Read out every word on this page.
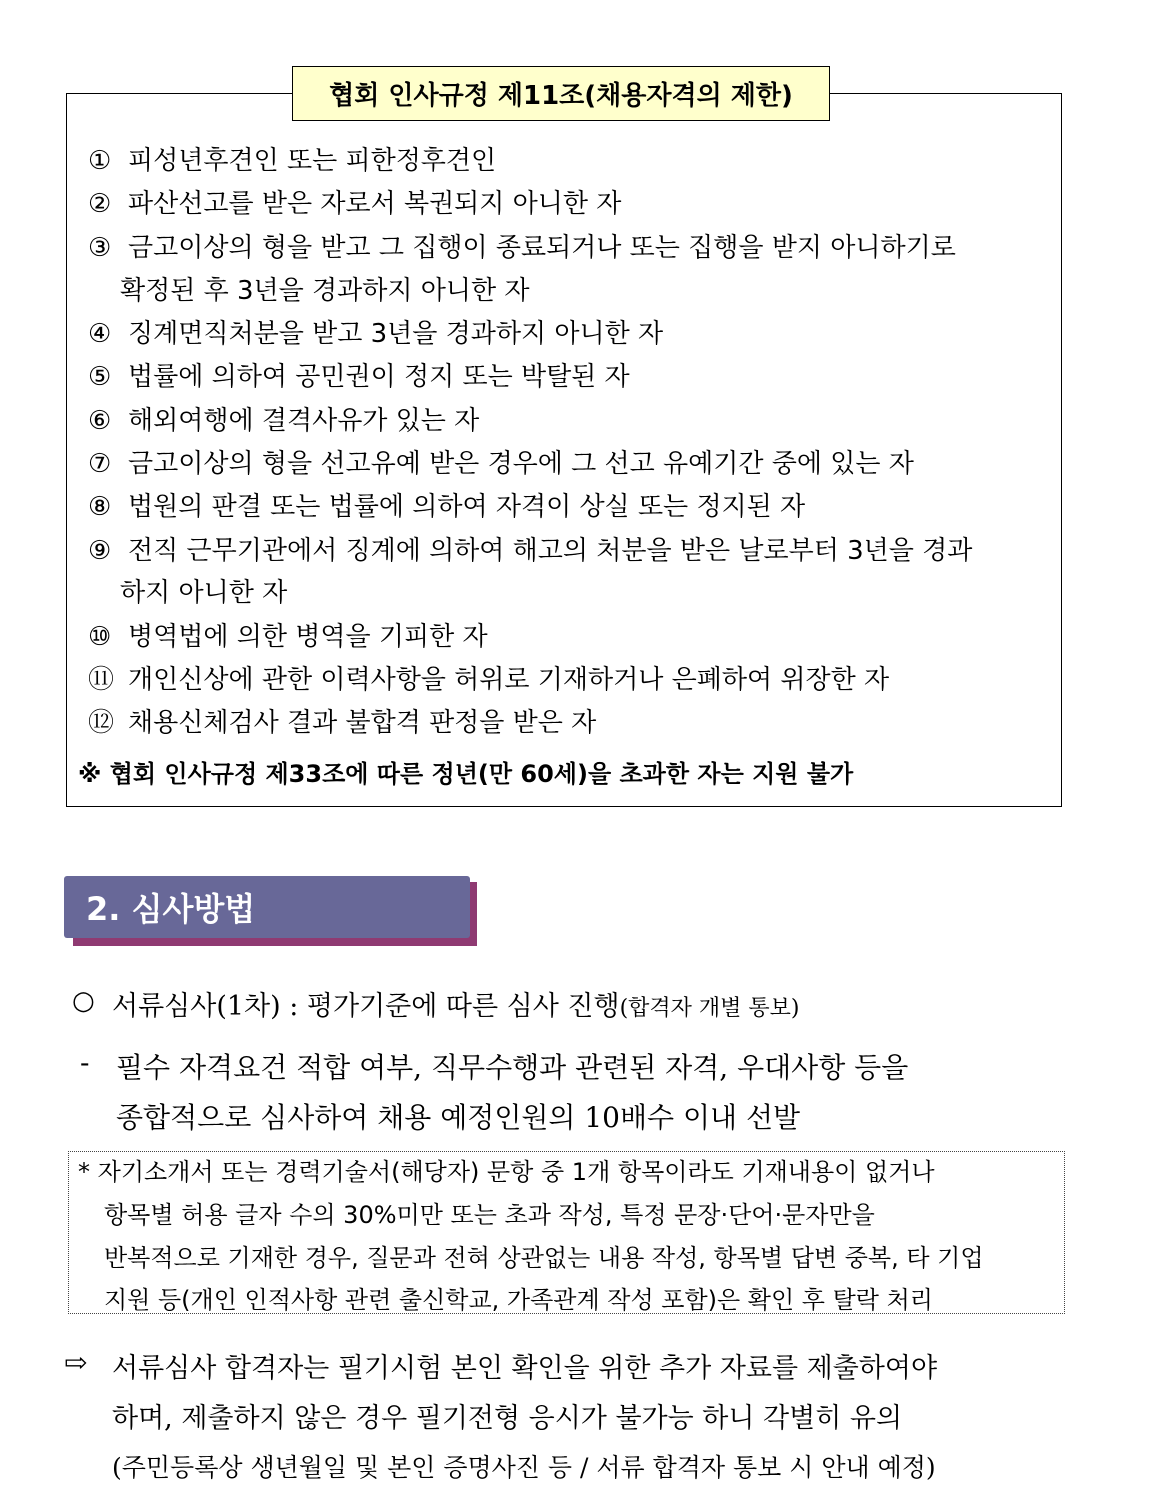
협회 인사규정 제11조(채용자격의 제한)
① 피성년후견인 또는 피한정후견인
② 파산선고를 받은 자로서 복권되지 아니한 자
③ 금고이상의 형을 받고 그 집행이 종료되거나 또는 집행을 받지 아니하기로
확정된 후 3년을 경과하지 아니한 자
④ 징계면직처분을 받고 3년을 경과하지 아니한 자
⑤ 법률에 의하여 공민권이 정지 또는 박탈된 자
⑥ 해외여행에 결격사유가 있는 자
⑦ 금고이상의 형을 선고유예 받은 경우에 그 선고 유예기간 중에 있는 자
⑧ 법원의 판결 또는 법률에 의하여 자격이 상실 또는 정지된 자
⑨ 전직 근무기관에서 징계에 의하여 해고의 처분을 받은 날로부터 3년을 경과
하지 아니한 자
⑩ 병역법에 의한 병역을 기피한 자
⑪ 개인신상에 관한 이력사항을 허위로 기재하거나 은폐하여 위장한 자
⑫ 채용신체검사 결과 불합격 판정을 받은 자
※ 협회 인사규정 제33조에 따른 정년(만 60세)을 초과한 자는 지원 불가
2. 심사방법
○ 서류심사(1차) : 평가기준에 따른 심사 진행(합격자 개별 통보)
- 필수 자격요건 적합 여부, 직무수행과 관련된 자격, 우대사항 등을
종합적으로 심사하여 채용 예정인원의 10배수 이내 선발
* 자기소개서 또는 경력기술서(해당자) 문항 중 1개 항목이라도 기재내용이 없거나
항목별 허용 글자 수의 30%미만 또는 초과 작성, 특정 문장·단어·문자만을
반복적으로 기재한 경우, 질문과 전혀 상관없는 내용 작성, 항목별 답변 중복, 타 기업
지원 등(개인 인적사항 관련 출신학교, 가족관계 작성 포함)은 확인 후 탈락 처리
⇨ 서류심사 합격자는 필기시험 본인 확인을 위한 추가 자료를 제출하여야
하며, 제출하지 않은 경우 필기전형 응시가 불가능 하니 각별히 유의
(주민등록상 생년월일 및 본인 증명사진 등 / 서류 합격자 통보 시 안내 예정)
